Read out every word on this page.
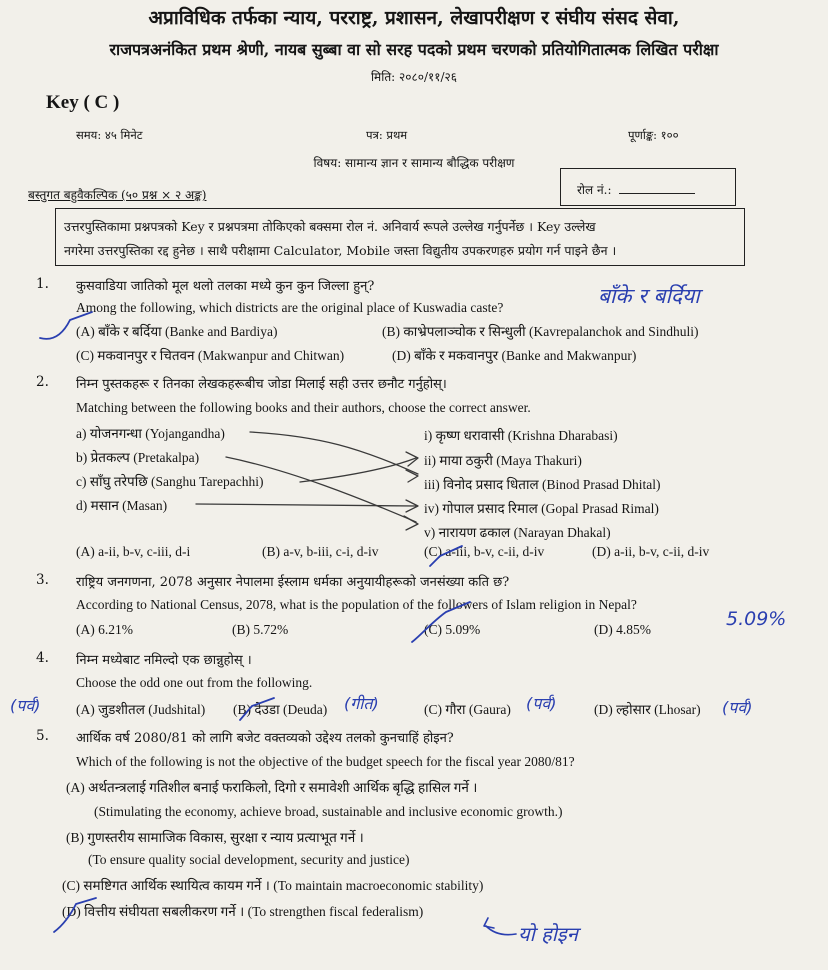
अप्राविधिक तर्फका न्याय, परराष्ट्र, प्रशासन, लेखापरीक्षण र संघीय संसद सेवा,
राजपत्रअनंकित प्रथम श्रेणी, नायब सुब्बा वा सो सरह पदको प्रथम चरणको प्रतियोगितात्मक लिखित परीक्षा
मिति: २०८०/११/२६
Key ( C )
समय: ४५ मिनेट	पत्र: प्रथम	पूर्णाङ्क: १००
विषय: सामान्य ज्ञान र सामान्य बौद्धिक परीक्षण
बस्तुगत बहुवैकल्पिक (५० प्रश्न × २ अङ्क)	रोल नं.:
उत्तरपुस्तिकामा प्रश्नपत्रको Key र प्रश्नपत्रमा तोकिएको बक्समा रोल नं. अनिवार्य रूपले उल्लेख गर्नुपर्नेछ । Key उल्लेख
नगरेमा उत्तरपुस्तिका रद्द हुनेछ । साथै परीक्षामा Calculator, Mobile जस्ता विद्युतीय उपकरणहरु प्रयोग गर्न पाइने छैन ।
1. कुसवाडिया जातिको मूल थलो तलका मध्ये कुन कुन जिल्ला हुन्?
Among the following, which districts are the original place of Kuswadia caste?
(A) बाँके र बर्दिया (Banke and Bardiya)	(B) काभ्रेपलाञ्चोक र सिन्धुली (Kavrepalanchok and Sindhuli)
(C) मकवानपुर र चितवन (Makwanpur and Chitwan)	(D) बाँके र मकवानपुर (Banke and Makwanpur)
2. निम्न पुस्तकहरू र तिनका लेखकहरूबीच जोडा मिलाई सही उत्तर छनौट गर्नुहोस्।
Matching between the following books and their authors, choose the correct answer.
a) योजनगन्धा (Yojangandha)
b) प्रेतकल्प (Pretakalpa)
c) साँघु तरेपछि (Sanghu Tarepachhi)
d) मसान (Masan)
i) कृष्ण धरावासी (Krishna Dharabasi)
ii) माया ठकुरी (Maya Thakuri)
iii) विनोद प्रसाद धिताल (Binod Prasad Dhital)
iv) गोपाल प्रसाद रिमाल (Gopal Prasad Rimal)
v) नारायण ढकाल (Narayan Dhakal)
(A) a-ii, b-v, c-iii, d-i	(B) a-v, b-iii, c-i, d-iv	(C) a-iii, b-v, c-ii, d-iv	(D) a-ii, b-v, c-ii, d-iv
3. राष्ट्रिय जनगणना, 2078 अनुसार नेपालमा ईस्लाम धर्मका अनुयायीहरूको जनसंख्या कति छ?
According to National Census, 2078, what is the population of the followers of Islam religion in Nepal?
(A) 6.21%	(B) 5.72%	(C) 5.09%	(D) 4.85%
4. निम्न मध्येबाट नमिल्दो एक छान्नुहोस् ।
Choose the odd one out from the following.
(A) जुडशीतल (Judshital) (B) देउडा (Deuda)	(C) गौरा (Gaura)	(D) ल्होसार (Lhosar)
5. आर्थिक वर्ष 2080/81 को लागि बजेट वक्तव्यको उद्देश्य तलको कुनचाहिं होइन?
Which of the following is not the objective of the budget speech for the fiscal year 2080/81?
(A) अर्थतन्त्रलाई गतिशील बनाई फराकिलो, दिगो र समावेशी आर्थिक बृद्धि हासिल गर्ने ।
(Stimulating the economy, achieve broad, sustainable and inclusive economic growth.)
(B) गुणस्तरीय सामाजिक विकास, सुरक्षा र न्याय प्रत्याभूत गर्ने ।
(To ensure quality social development, security and justice)
(C) समष्टिगत आर्थिक स्थायित्व कायम गर्ने । (To maintain macroeconomic stability)
(D) वित्तीय संघीयता सबलीकरण गर्ने । (To strengthen fiscal federalism)
बाँके र बर्दिया
5.09%
(पर्व)	(गीत)	(पर्व)	(पर्व)
यो होइन
